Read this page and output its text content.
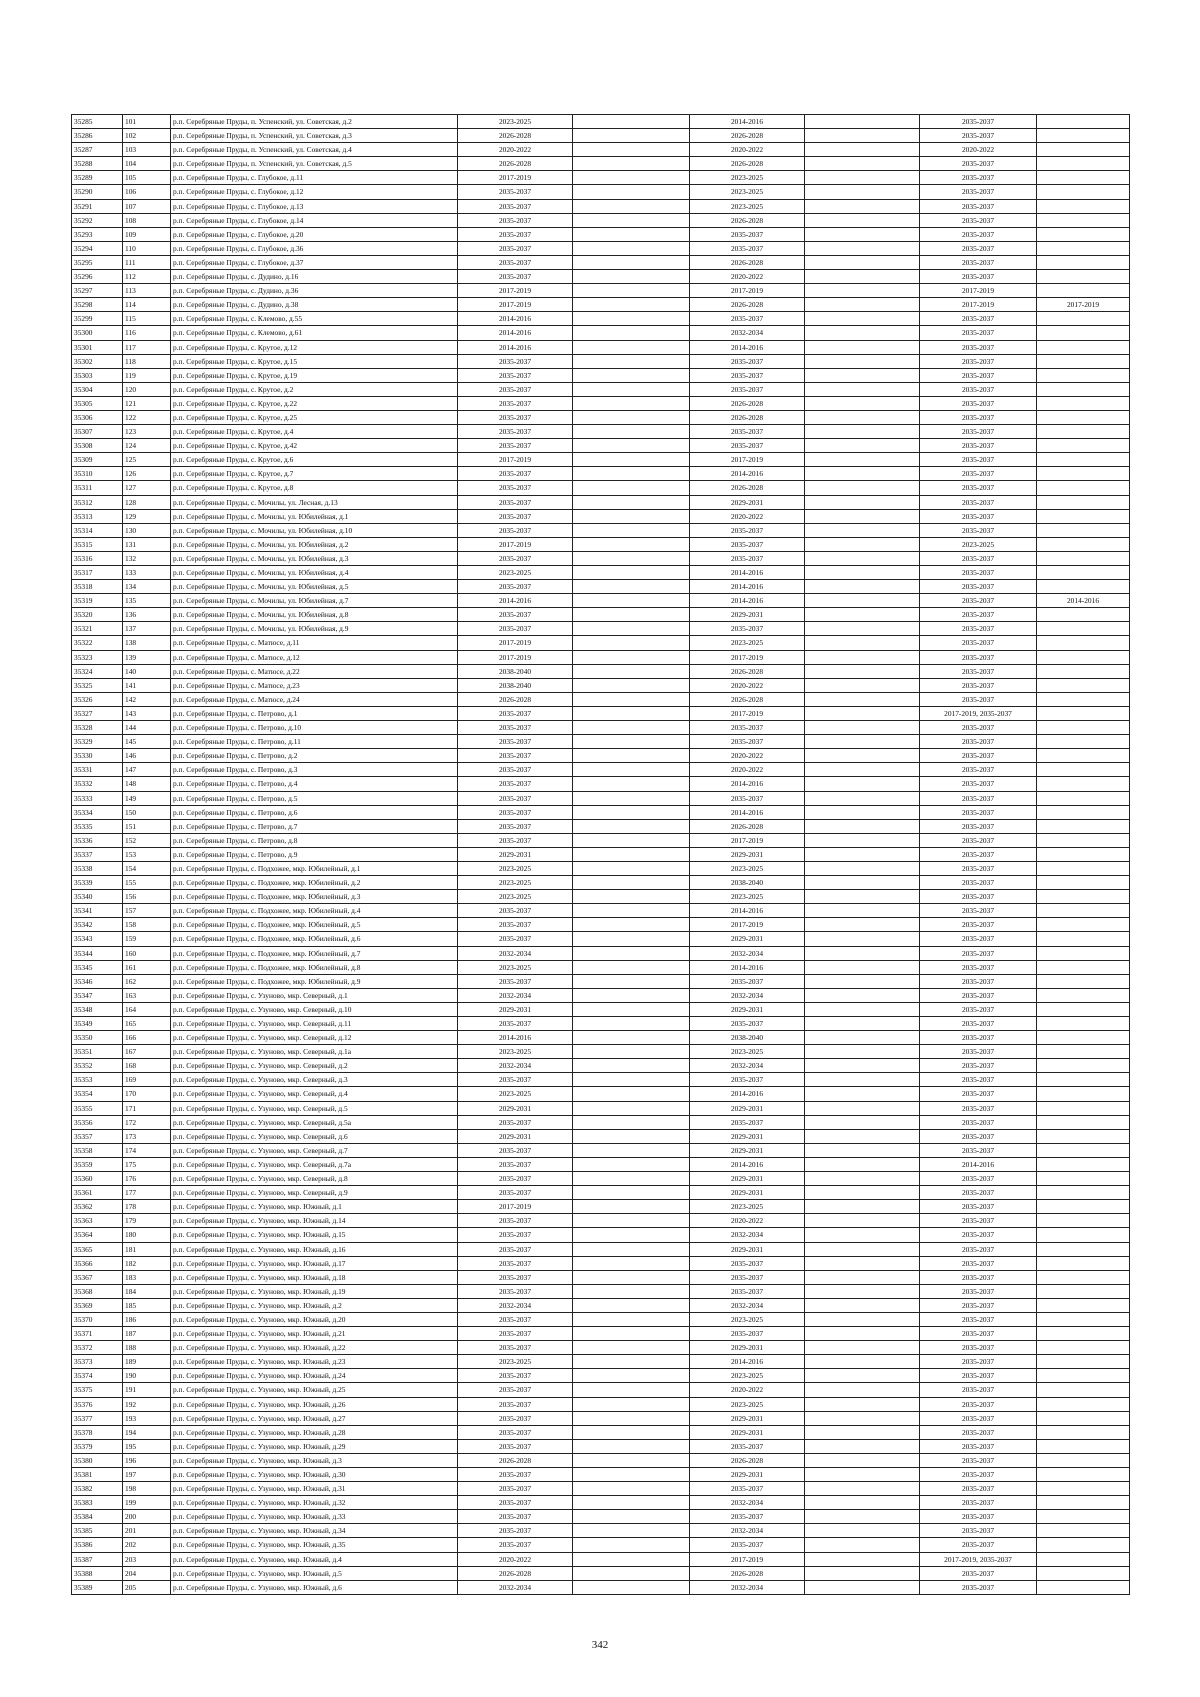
35285	101	р.п. Серебряные Пруды, п. Успенский, ул. Советская, д.2	2023-2025		2014-2016		2035-2037	
35286	102	р.п. Серебряные Пруды, п. Успенский, ул. Советская, д.3	2026-2028		2026-2028		2035-2037	
35287	103	р.п. Серебряные Пруды, п. Успенский, ул. Советская, д.4	2020-2022		2020-2022		2020-2022	
35288	104	р.п. Серебряные Пруды, п. Успенский, ул. Советская, д.5	2026-2028		2026-2028		2035-2037	
35289	105	р.п. Серебряные Пруды, с. Глубокое, д.11	2017-2019		2023-2025		2035-2037	
35290	106	р.п. Серебряные Пруды, с. Глубокое, д.12	2035-2037		2023-2025		2035-2037	
35291	107	р.п. Серебряные Пруды, с. Глубокое, д.13	2035-2037		2023-2025		2035-2037	
35292	108	р.п. Серебряные Пруды, с. Глубокое, д.14	2035-2037		2026-2028		2035-2037	
35293	109	р.п. Серебряные Пруды, с. Глубокое, д.20	2035-2037		2035-2037		2035-2037	
35294	110	р.п. Серебряные Пруды, с. Глубокое, д.36	2035-2037		2035-2037		2035-2037	
35295	111	р.п. Серебряные Пруды, с. Глубокое, д.37	2035-2037		2026-2028		2035-2037	
35296	112	р.п. Серебряные Пруды, с. Дудино, д.16	2035-2037		2020-2022		2035-2037	
35297	113	р.п. Серебряные Пруды, с. Дудино, д.36	2017-2019		2017-2019		2017-2019	
35298	114	р.п. Серебряные Пруды, с. Дудино, д.38	2017-2019		2026-2028		2017-2019	2017-2019
35299	115	р.п. Серебряные Пруды, с. Клемово, д.55	2014-2016		2035-2037		2035-2037	
35300	116	р.п. Серебряные Пруды, с. Клемово, д.61	2014-2016		2032-2034		2035-2037	
35301	117	р.п. Серебряные Пруды, с. Крутое, д.12	2014-2016		2014-2016		2035-2037	
35302	118	р.п. Серебряные Пруды, с. Крутое, д.15	2035-2037		2035-2037		2035-2037	
35303	119	р.п. Серебряные Пруды, с. Крутое, д.19	2035-2037		2035-2037		2035-2037	
35304	120	р.п. Серебряные Пруды, с. Крутое, д.2	2035-2037		2035-2037		2035-2037	
35305	121	р.п. Серебряные Пруды, с. Крутое, д.22	2035-2037		2026-2028		2035-2037	
35306	122	р.п. Серебряные Пруды, с. Крутое, д.25	2035-2037		2026-2028		2035-2037	
35307	123	р.п. Серебряные Пруды, с. Крутое, д.4	2035-2037		2035-2037		2035-2037	
35308	124	р.п. Серебряные Пруды, с. Крутое, д.42	2035-2037		2035-2037		2035-2037	
35309	125	р.п. Серебряные Пруды, с. Крутое, д.6	2017-2019		2017-2019		2035-2037	
35310	126	р.п. Серебряные Пруды, с. Крутое, д.7	2035-2037		2014-2016		2035-2037	
35311	127	р.п. Серебряные Пруды, с. Крутое, д.8	2035-2037		2026-2028		2035-2037	
35312	128	р.п. Серебряные Пруды, с. Мочилы, ул. Лесная, д.13	2035-2037		2029-2031		2035-2037	
35313	129	р.п. Серебряные Пруды, с. Мочилы, ул. Юбилейная, д.1	2035-2037		2020-2022		2035-2037	
35314	130	р.п. Серебряные Пруды, с. Мочилы, ул. Юбилейная, д.10	2035-2037		2035-2037		2035-2037	
35315	131	р.п. Серебряные Пруды, с. Мочилы, ул. Юбилейная, д.2	2017-2019		2035-2037		2023-2025	
35316	132	р.п. Серебряные Пруды, с. Мочилы, ул. Юбилейная, д.3	2035-2037		2035-2037		2035-2037	
35317	133	р.п. Серебряные Пруды, с. Мочилы, ул. Юбилейная, д.4	2023-2025		2014-2016		2035-2037	
35318	134	р.п. Серебряные Пруды, с. Мочилы, ул. Юбилейная, д.5	2035-2037		2014-2016		2035-2037	
35319	135	р.п. Серебряные Пруды, с. Мочилы, ул. Юбилейная, д.7	2014-2016		2014-2016		2035-2037	2014-2016
35320	136	р.п. Серебряные Пруды, с. Мочилы, ул. Юбилейная, д.8	2035-2037		2029-2031		2035-2037	
35321	137	р.п. Серебряные Пруды, с. Мочилы, ул. Юбилейная, д.9	2035-2037		2035-2037		2035-2037	
35322	138	р.п. Серебряные Пруды, с. Матюсе, д.11	2017-2019		2023-2025		2035-2037	
35323	139	р.п. Серебряные Пруды, с. Матюсе, д.12	2017-2019		2017-2019		2035-2037	
35324	140	р.п. Серебряные Пруды, с. Матюсе, д.22	2038-2040		2026-2028		2035-2037	
35325	141	р.п. Серебряные Пруды, с. Матюсе, д.23	2038-2040		2020-2022		2035-2037	
35326	142	р.п. Серебряные Пруды, с. Матюсе, д.24	2026-2028		2026-2028		2035-2037	
35327	143	р.п. Серебряные Пруды, с. Петрово, д.1	2035-2037		2017-2019		2017-2019, 2035-2037	
35328	144	р.п. Серебряные Пруды, с. Петрово, д.10	2035-2037		2035-2037		2035-2037	
35329	145	р.п. Серебряные Пруды, с. Петрово, д.11	2035-2037		2035-2037		2035-2037	
35330	146	р.п. Серебряные Пруды, с. Петрово, д.2	2035-2037		2020-2022		2035-2037	
35331	147	р.п. Серебряные Пруды, с. Петрово, д.3	2035-2037		2020-2022		2035-2037	
35332	148	р.п. Серебряные Пруды, с. Петрово, д.4	2035-2037		2014-2016		2035-2037	
35333	149	р.п. Серебряные Пруды, с. Петрово, д.5	2035-2037		2035-2037		2035-2037	
35334	150	р.п. Серебряные Пруды, с. Петрово, д.6	2035-2037		2014-2016		2035-2037	
35335	151	р.п. Серебряные Пруды, с. Петрово, д.7	2035-2037		2026-2028		2035-2037	
35336	152	р.п. Серебряные Пруды, с. Петрово, д.8	2035-2037		2017-2019		2035-2037	
35337	153	р.п. Серебряные Пруды, с. Петрово, д.9	2029-2031		2029-2031		2035-2037	
35338	154	р.п. Серебряные Пруды, с. Подхожее, мкр. Юбилейный, д.1	2023-2025		2023-2025		2035-2037	
35339	155	р.п. Серебряные Пруды, с. Подхожее, мкр. Юбилейный, д.2	2023-2025		2038-2040		2035-2037	
35340	156	р.п. Серебряные Пруды, с. Подхожее, мкр. Юбилейный, д.3	2023-2025		2023-2025		2035-2037	
35341	157	р.п. Серебряные Пруды, с. Подхожее, мкр. Юбилейный, д.4	2035-2037		2014-2016		2035-2037	
35342	158	р.п. Серебряные Пруды, с. Подхожее, мкр. Юбилейный, д.5	2035-2037		2017-2019		2035-2037	
35343	159	р.п. Серебряные Пруды, с. Подхожее, мкр. Юбилейный, д.6	2035-2037		2029-2031		2035-2037	
35344	160	р.п. Серебряные Пруды, с. Подхожее, мкр. Юбилейный, д.7	2032-2034		2032-2034		2035-2037	
35345	161	р.п. Серебряные Пруды, с. Подхожее, мкр. Юбилейный, д.8	2023-2025		2014-2016		2035-2037	
35346	162	р.п. Серебряные Пруды, с. Подхожее, мкр. Юбилейный, д.9	2035-2037		2035-2037		2035-2037	
35347	163	р.п. Серебряные Пруды, с. Узуново, мкр. Северный, д.1	2032-2034		2032-2034		2035-2037	
35348	164	р.п. Серебряные Пруды, с. Узуново, мкр. Северный, д.10	2029-2031		2029-2031		2035-2037	
35349	165	р.п. Серебряные Пруды, с. Узуново, мкр. Северный, д.11	2035-2037		2035-2037		2035-2037	
35350	166	р.п. Серебряные Пруды, с. Узуново, мкр. Северный, д.12	2014-2016		2038-2040		2035-2037	
35351	167	р.п. Серебряные Пруды, с. Узуново, мкр. Северный, д.1а	2023-2025		2023-2025		2035-2037	
35352	168	р.п. Серебряные Пруды, с. Узуново, мкр. Северный, д.2	2032-2034		2032-2034		2035-2037	
35353	169	р.п. Серебряные Пруды, с. Узуново, мкр. Северный, д.3	2035-2037		2035-2037		2035-2037	
35354	170	р.п. Серебряные Пруды, с. Узуново, мкр. Северный, д.4	2023-2025		2014-2016		2035-2037	
35355	171	р.п. Серебряные Пруды, с. Узуново, мкр. Северный, д.5	2029-2031		2029-2031		2035-2037	
35356	172	р.п. Серебряные Пруды, с. Узуново, мкр. Северный, д.5а	2035-2037		2035-2037		2035-2037	
35357	173	р.п. Серебряные Пруды, с. Узуново, мкр. Северный, д.6	2029-2031		2029-2031		2035-2037	
35358	174	р.п. Серебряные Пруды, с. Узуново, мкр. Северный, д.7	2035-2037		2029-2031		2035-2037	
35359	175	р.п. Серебряные Пруды, с. Узуново, мкр. Северный, д.7а	2035-2037		2014-2016		2014-2016	
35360	176	р.п. Серебряные Пруды, с. Узуново, мкр. Северный, д.8	2035-2037		2029-2031		2035-2037	
35361	177	р.п. Серебряные Пруды, с. Узуново, мкр. Северный, д.9	2035-2037		2029-2031		2035-2037	
35362	178	р.п. Серебряные Пруды, с. Узуново, мкр. Южный, д.1	2017-2019		2023-2025		2035-2037	
35363	179	р.п. Серебряные Пруды, с. Узуново, мкр. Южный, д.14	2035-2037		2020-2022		2035-2037	
35364	180	р.п. Серебряные Пруды, с. Узуново, мкр. Южный, д.15	2035-2037		2032-2034		2035-2037	
35365	181	р.п. Серебряные Пруды, с. Узуново, мкр. Южный, д.16	2035-2037		2029-2031		2035-2037	
35366	182	р.п. Серебряные Пруды, с. Узуново, мкр. Южный, д.17	2035-2037		2035-2037		2035-2037	
35367	183	р.п. Серебряные Пруды, с. Узуново, мкр. Южный, д.18	2035-2037		2035-2037		2035-2037	
35368	184	р.п. Серебряные Пруды, с. Узуново, мкр. Южный, д.19	2035-2037		2035-2037		2035-2037	
35369	185	р.п. Серебряные Пруды, с. Узуново, мкр. Южный, д.2	2032-2034		2032-2034		2035-2037	
35370	186	р.п. Серебряные Пруды, с. Узуново, мкр. Южный, д.20	2035-2037		2023-2025		2035-2037	
35371	187	р.п. Серебряные Пруды, с. Узуново, мкр. Южный, д.21	2035-2037		2035-2037		2035-2037	
35372	188	р.п. Серебряные Пруды, с. Узуново, мкр. Южный, д.22	2035-2037		2029-2031		2035-2037	
35373	189	р.п. Серебряные Пруды, с. Узуново, мкр. Южный, д.23	2023-2025		2014-2016		2035-2037	
35374	190	р.п. Серебряные Пруды, с. Узуново, мкр. Южный, д.24	2035-2037		2023-2025		2035-2037	
35375	191	р.п. Серебряные Пруды, с. Узуново, мкр. Южный, д.25	2035-2037		2020-2022		2035-2037	
35376	192	р.п. Серебряные Пруды, с. Узуново, мкр. Южный, д.26	2035-2037		2023-2025		2035-2037	
35377	193	р.п. Серебряные Пруды, с. Узуново, мкр. Южный, д.27	2035-2037		2029-2031		2035-2037	
35378	194	р.п. Серебряные Пруды, с. Узуново, мкр. Южный, д.28	2035-2037		2029-2031		2035-2037	
35379	195	р.п. Серебряные Пруды, с. Узуново, мкр. Южный, д.29	2035-2037		2035-2037		2035-2037	
35380	196	р.п. Серебряные Пруды, с. Узуново, мкр. Южный, д.3	2026-2028		2026-2028		2035-2037	
35381	197	р.п. Серебряные Пруды, с. Узуново, мкр. Южный, д.30	2035-2037		2029-2031		2035-2037	
35382	198	р.п. Серебряные Пруды, с. Узуново, мкр. Южный, д.31	2035-2037		2035-2037		2035-2037	
35383	199	р.п. Серебряные Пруды, с. Узуново, мкр. Южный, д.32	2035-2037		2032-2034		2035-2037	
35384	200	р.п. Серебряные Пруды, с. Узуново, мкр. Южный, д.33	2035-2037		2035-2037		2035-2037	
35385	201	р.п. Серебряные Пруды, с. Узуново, мкр. Южный, д.34	2035-2037		2032-2034		2035-2037	
35386	202	р.п. Серебряные Пруды, с. Узуново, мкр. Южный, д.35	2035-2037		2035-2037		2035-2037	
35387	203	р.п. Серебряные Пруды, с. Узуново, мкр. Южный, д.4	2020-2022		2017-2019		2017-2019, 2035-2037	
35388	204	р.п. Серебряные Пруды, с. Узуново, мкр. Южный, д.5	2026-2028		2026-2028		2035-2037	
35389	205	р.п. Серебряные Пруды, с. Узуново, мкр. Южный, д.6	2032-2034		2032-2034		2035-2037	
342
